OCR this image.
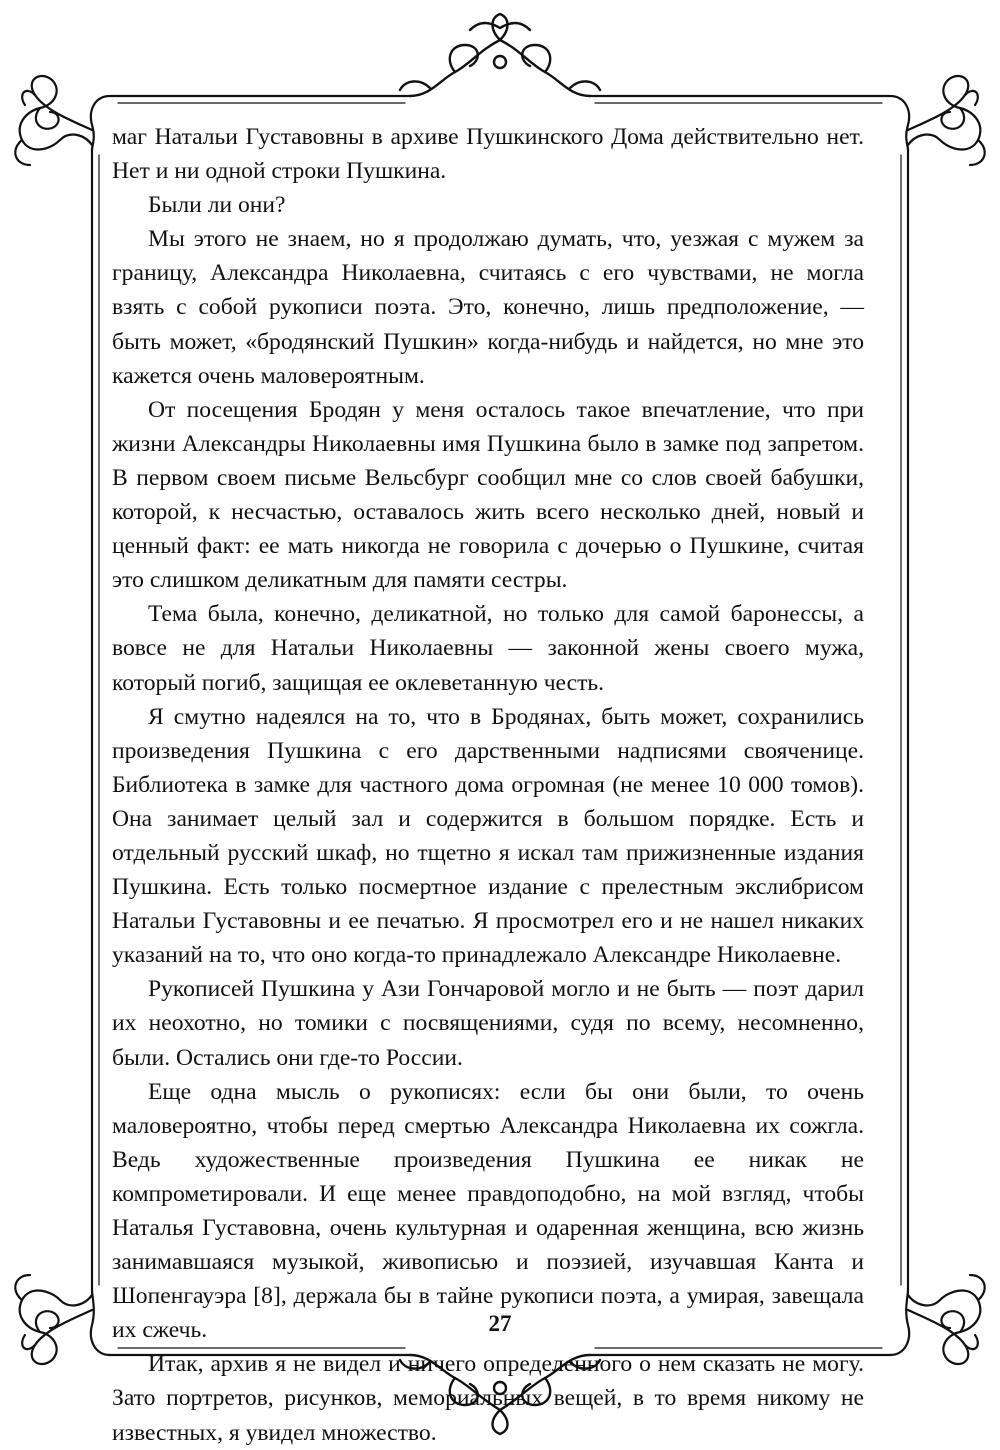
маг Натальи Густавовны в архиве Пушкинского Дома действительно нет. Нет и ни одной строки Пушкина.

Были ли они?

Мы этого не знаем, но я продолжаю думать, что, уезжая с мужем за границу, Александра Николаевна, считаясь с его чувствами, не могла взять с собой рукописи поэта. Это, конечно, лишь предположение, — быть может, «бродянский Пушкин» когда-нибудь и найдется, но мне это кажется очень маловероятным.

От посещения Бродян у меня осталось такое впечатление, что при жизни Александры Николаевны имя Пушкина было в замке под запретом. В первом своем письме Вельсбург сообщил мне со слов своей бабушки, которой, к несчастью, оставалось жить всего несколько дней, новый и ценный факт: ее мать никогда не говорила с дочерью о Пушкине, считая это слишком деликатным для памяти сестры.

Тема была, конечно, деликатной, но только для самой баронессы, а вовсе не для Натальи Николаевны — законной жены своего мужа, который погиб, защищая ее оклеветанную честь.

Я смутно надеялся на то, что в Бродянах, быть может, сохранились произведения Пушкина с его дарственными надписями свояченице. Библиотека в замке для частного дома огромная (не менее 10 000 томов). Она занимает целый зал и содержится в большом порядке. Есть и отдельный русский шкаф, но тщетно я искал там прижизненные издания Пушкина. Есть только посмертное издание с прелестным экслибрисом Натальи Густавовны и ее печатью. Я просмотрел его и не нашел никаких указаний на то, что оно когда-то принадлежало Александре Николаевне.

Рукописей Пушкина у Ази Гончаровой могло и не быть — поэт дарил их неохотно, но томики с посвящениями, судя по всему, несомненно, были. Остались они где-то России.

Еще одна мысль о рукописях: если бы они были, то очень маловероятно, чтобы перед смертью Александра Николаевна их сожгла. Ведь художественные произведения Пушкина ее никак не компрометировали. И еще менее правдоподобно, на мой взгляд, чтобы Наталья Густавовна, очень культурная и одаренная женщина, всю жизнь занимавшаяся музыкой, живописью и поэзией, изучавшая Канта и Шопенгауэра [8], держала бы в тайне рукописи поэта, а умирая, завещала их сжечь.

Итак, архив я не видел и ничего определенного о нем сказать не могу. Зато портретов, рисунков, мемориальных вещей, в то время никому не известных, я увидел множество.

27
